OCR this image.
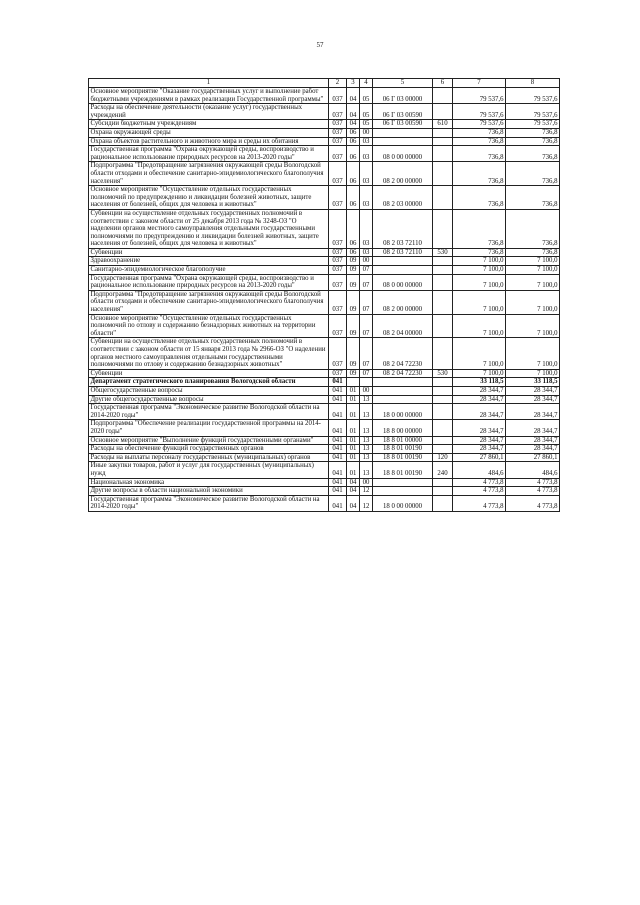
57
1	2	3	4	5	6	7	8
Основное мероприятие "Оказание государственных услуг и выполнение работ бюджетными учреждениями в рамках реализации Государственной программы"	037	04	05	06 Г 03 00000		79 537,6	79 537,6
Расходы на обеспечение деятельности (оказание услуг) государственных учреждений	037	04	05	06 Г 03 00590		79 537,6	79 537,6
Субсидии бюджетным учреждениям	037	04	05	06 Г 03 00590	610	79 537,6	79 537,6
Охрана окружающей среды	037	06	00			736,8	736,8
Охрана объектов растительного и животного мира и среды их обитания	037	06	03			736,8	736,8
Государственная программа "Охрана окружающей среды, воспроизводство и рациональное использование природных ресурсов на 2013-2020 годы"	037	06	03	08 0 00 00000		736,8	736,8
Подпрограмма "Предотвращение загрязнения окружающей среды Вологодской области отходами и обеспечение санитарно-эпидемиологического благополучия населения"	037	06	03	08 2 00 00000		736,8	736,8
Основное мероприятие "Осуществление отдельных государственных полномочий по предупреждению и ликвидации болезней животных, защите населения от болезней, общих для человека и животных"	037	06	03	08 2 03 00000		736,8	736,8
Субвенции на осуществление отдельных государственных полномочий в соответствии с законом области от 25 декабря 2013 года № 3248-ОЗ "О наделении органов местного самоуправления отдельными государственными полномочиями по предупреждению и ликвидации болезней животных, защите населения от болезней, общих для человека и животных"	037	06	03	08 2 03 72110		736,8	736,8
Субвенции	037	06	03	08 2 03 72110	530	736,8	736,8
Здравоохранение	037	09	00			7 100,0	7 100,0
Санитарно-эпидемиологическое благополучие	037	09	07			7 100,0	7 100,0
Государственная программа "Охрана окружающей среды, воспроизводство и рациональное использование природных ресурсов на 2013-2020 годы"	037	09	07	08 0 00 00000		7 100,0	7 100,0
Подпрограмма "Предотвращение загрязнения окружающей среды Вологодской области отходами и обеспечение санитарно-эпидемиологического благополучия населения"	037	09	07	08 2 00 00000		7 100,0	7 100,0
Основное мероприятие "Осуществление отдельных государственных полномочий по отлову и содержанию безнадзорных животных на территории области"	037	09	07	08 2 04 00000		7 100,0	7 100,0
Субвенции на осуществление отдельных государственных полномочий в соответствии с законом области от 15 января 2013 года № 2966-ОЗ "О наделении органов местного самоуправления отдельными государственными полномочиями по отлову и содержанию безнадзорных животных"	037	09	07	08 2 04 72230		7 100,0	7 100,0
Субвенции	037	09	07	08 2 04 72230	530	7 100,0	7 100,0
Департамент стратегического планирования Вологодской области	041					33 118,5	33 118,5
Общегосударственные вопросы	041	01	00			28 344,7	28 344,7
Другие общегосударственные вопросы	041	01	13			28 344,7	28 344,7
Государственная программа "Экономическое развитие Вологодской области на 2014-2020 годы"	041	01	13	18 0 00 00000		28 344,7	28 344,7
Подпрограмма "Обеспечение реализации государственной программы на 2014-2020 годы"	041	01	13	18 8 00 00000		28 344,7	28 344,7
Основное мероприятие "Выполнение функций государственными органами"	041	01	13	18 8 01 00000		28 344,7	28 344,7
Расходы на обеспечение функций государственных органов	041	01	13	18 8 01 00190		28 344,7	28 344,7
Расходы на выплаты персоналу государственных (муниципальных) органов	041	01	13	18 8 01 00190	120	27 860,1	27 860,1
Иные закупки товаров, работ и услуг для государственных (муниципальных) нужд	041	01	13	18 8 01 00190	240	484,6	484,6
Национальная экономика	041	04	00			4 773,8	4 773,8
Другие вопросы в области национальной экономики	041	04	12			4 773,8	4 773,8
Государственная программа "Экономическое развитие Вологодской области на 2014-2020 годы"	041	04	12	18 0 00 00000		4 773,8	4 773,8
